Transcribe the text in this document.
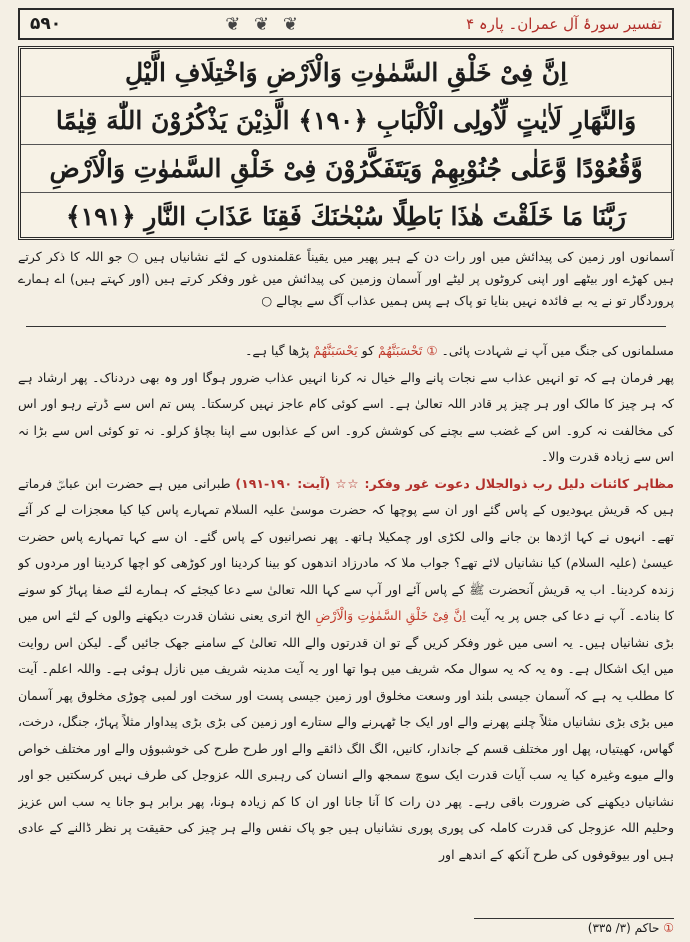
۵۹۰	❦ ❦ ❦	تفسیر سورۂ آل عمران۔ پارہ ۴
اِنَّ فِیْ خَلْقِ السَّمٰوٰتِ وَالْاَرْضِ وَاخْتِلَافِ الَّیْلِ
وَالنَّهَارِ لَاٰیٰتٍ لِّاُولِی الْاَلْبَابِ ﴿۱۹۰﴾ الَّذِیْنَ یَذْکُرُوْنَ اللّٰهَ قِیٰمًا
وَّقُعُوْدًا وَّعَلٰی جُنُوْبِهِمْ وَیَتَفَکَّرُوْنَ فِیْ خَلْقِ السَّمٰوٰتِ وَالْاَرْضِ
رَبَّنَا مَا خَلَقْتَ هٰذَا بَاطِلًا سُبْحٰنَكَ فَقِنَا عَذَابَ النَّارِ ﴿۱۹۱﴾
آسمانوں اور زمین کی پیدائش میں اور رات دن کے ہیر پھیر میں یقیناً عقلمندوں کے لئے نشانیاں ہیں ○ جو اللہ کا ذکر کرتے ہیں کھڑے اور بیٹھے اور اپنی کروٹوں پر لیٹے اور آسمان وزمین کی پیدائش میں غور وفکر کرتے ہیں (اور کہتے ہیں) اے ہمارے پروردگار تو نے یہ بے فائدہ نہیں بنایا تو پاک ہے پس ہمیں عذاب آگ سے بچالے ○

مسلمانوں کی جنگ میں آپ نے شہادت پائی۔ ① تَحْسَبَنَّهُمْ کو یَحْسَبَنَّهُمْ پڑھا گیا ہے۔

پھر فرمان ہے کہ تو انہیں عذاب سے نجات پانے والے خیال نہ کرنا انہیں عذاب ضرور ہوگا اور وہ بھی دردناک۔ پھر ارشاد ہے کہ ہر چیز کا مالک اور ہر چیز پر قادر اللہ تعالیٰ ہے۔ اسے کوئی کام عاجز نہیں کرسکتا۔ پس تم اس سے ڈرتے رہو اور اس کی مخالفت نہ کرو۔ اس کے غضب سے بچنے کی کوشش کرو۔ اس کے عذابوں سے اپنا بچاؤ کرلو۔ نہ تو کوئی اس سے بڑا نہ اس سے زیادہ قدرت والا۔

مظاہر کائنات دلیل رب ذوالجلال دعوت غور وفکر: ☆☆ (آیت: ۱۹۰-۱۹۱) طبرانی میں ہے حضرت ابن عباسؓ فرماتے ہیں کہ قریش یہودیوں کے پاس گئے اور ان سے پوچھا کہ حضرت موسیٰ علیہ السلام تمہارے پاس کیا کیا معجزات لے کر آئے تھے۔ انہوں نے کہا اژدھا بن جانے والی لکڑی اور چمکیلا ہاتھ۔ پھر نصرانیوں کے پاس گئے۔ ان سے کہا تمہارے پاس حضرت عیسیٰ (علیہ السلام) کیا نشانیاں لائے تھے؟ جواب ملا کہ مادرزاد اندھوں کو بینا کردینا اور کوڑھی کو اچھا کردینا اور مردوں کو زندہ کردینا۔ اب یہ قریش آنحضرت ﷺ کے پاس آئے اور آپ سے کہا اللہ تعالیٰ سے دعا کیجئے کہ ہمارے لئے صفا پہاڑ کو سونے کا بنادے۔ آپ نے دعا کی جس پر یہ آیت اِنَّ فِیْ خَلْقِ السَّمٰوٰتِ وَالْاَرْضِ الخ اتری یعنی نشان قدرت دیکھنے والوں کے لئے اس میں بڑی نشانیاں ہیں۔ یہ اسی میں غور وفکر کریں گے تو ان قدرتوں والے اللہ تعالیٰ کے سامنے جھک جائیں گے۔ لیکن اس روایت میں ایک اشکال ہے۔ وہ یہ کہ یہ سوال مکہ شریف میں ہوا تھا اور یہ آیت مدینہ شریف میں نازل ہوئی ہے۔ واللہ اعلم۔ آیت کا مطلب یہ ہے کہ آسمان جیسی بلند اور وسعت مخلوق اور زمین جیسی پست اور سخت اور لمبی چوڑی مخلوق پھر آسمان میں بڑی بڑی نشانیاں مثلاً چلنے پھرنے والے اور ایک جا ٹھہرنے والے ستارے اور زمین کی بڑی بڑی پیداوار مثلاً پہاڑ، جنگل، درخت، گھاس، کھیتیاں، پھل اور مختلف قسم کے جاندار، کانیں، الگ الگ ذائقے والے اور طرح طرح کی خوشبوؤں والے اور مختلف خواص والے میوے وغیرہ کیا یہ سب آیات قدرت ایک سوچ سمجھ والے انسان کی رہبری اللہ عزوجل کی طرف نہیں کرسکتیں جو اور نشانیاں دیکھنے کی ضرورت باقی رہے۔ پھر دن رات کا آنا جانا اور ان کا کم زیادہ ہونا، پھر برابر ہو جانا یہ سب اس عزیز وحلیم اللہ عزوجل کی قدرت کاملہ کی پوری پوری نشانیاں ہیں جو پاک نفس والے ہر چیز کی حقیقت پر نظر ڈالنے کے عادی ہیں اور بیوقوفوں کی طرح آنکھ کے اندھے اور

① حاکم (۳/ ۳۳۵)
